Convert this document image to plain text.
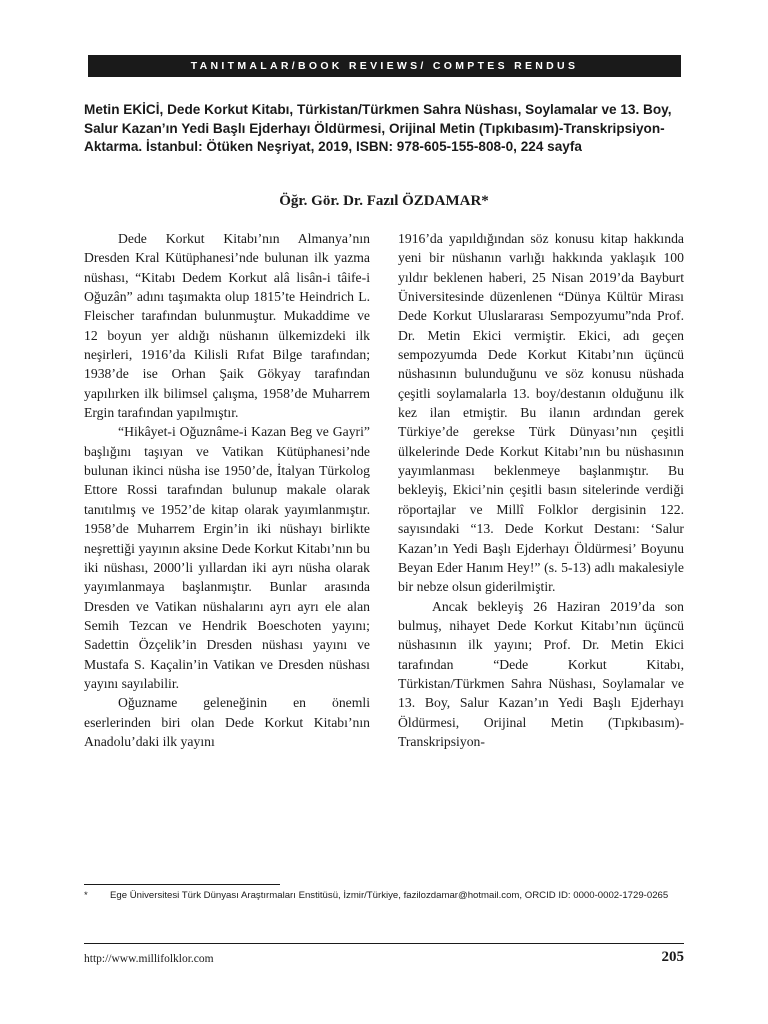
TANITMALAR/BOOK REVIEWS/ COMPTES RENDUS
Metin EKİCİ, Dede Korkut Kitabı, Türkistan/Türkmen Sahra Nüshası, Soylamalar ve 13. Boy, Salur Kazan’ın Yedi Başlı Ejderhayı Öldürmesi, Orijinal Metin (Tıpkıbasım)-Transkripsiyon-Aktarma. İstanbul: Ötüken Neşriyat, 2019, ISBN: 978-605-155-808-0, 224 sayfa
Öğr. Gör. Dr. Fazıl ÖZDAMAR*

Dede Korkut Kitabı’nın Almanya’nın Dresden Kral Kütüphanesi’nde bulunan ilk yazma nüshası, “Kitabı Dedem Korkut alâ lisân-i tâife-i Oğuzân” adını taşımakta olup 1815’te Heindrich L. Fleischer tarafından bulunmuştur. Mukaddime ve 12 boyun yer aldığı nüshanın ülkemizdeki ilk neşirleri, 1916’da Kilisli Rıfat Bilge tarafından; 1938’de ise Orhan Şaik Gökyay tarafından yapılırken ilk bilimsel çalışma, 1958’de Muharrem Ergin tarafından yapılmıştır.

“Hikâyet-i Oğuznâme-i Kazan Beg ve Gayri” başlığını taşıyan ve Vatikan Kütüphanesi’nde bulunan ikinci nüsha ise 1950’de, İtalyan Türkolog Ettore Rossi tarafından bulunup makale olarak tanıtılmış ve 1952’de kitap olarak yayımlanmıştır. 1958’de Muharrem Ergin’in iki nüshayı birlikte neşrettiği yayının aksine Dede Korkut Kitabı’nın bu iki nüshası, 2000’li yıllardan iki ayrı nüsha olarak yayımlanmaya başlanmıştır. Bunlar arasında Dresden ve Vatikan nüshalarını ayrı ayrı ele alan Semih Tezcan ve Hendrik Boeschoten yayını; Sadettin Özçelik’in Dresden nüshası yayını ve Mustafa S. Kaçalin’in Vatikan ve Dresden nüshası yayını sayılabilir.

Oğuzname geleneğinin en önemli eserlerinden biri olan Dede Korkut Kitabı’nın Anadolu’daki ilk yayını

1916’da yapıldığından söz konusu kitap hakkında yeni bir nüshanın varlığı hakkında yaklaşık 100 yıldır beklenen haberi, 25 Nisan 2019’da Bayburt Üniversitesinde düzenlenen “Dünya Kültür Mirası Dede Korkut Uluslararası Sempozyumu”nda Prof. Dr. Metin Ekici vermiştir. Ekici, adı geçen sempozyumda Dede Korkut Kitabı’nın üçüncü nüshasının bulunduğunu ve söz konusu nüshada çeşitli soylamalarla 13. boy/destanın olduğunu ilk kez ilan etmiştir. Bu ilanın ardından gerek Türkiye’de gerekse Türk Dünyası’nın çeşitli ülkelerinde Dede Korkut Kitabı’nın bu nüshasının yayımlanması beklenmeye başlanmıştır. Bu bekleyiş, Ekici’nin çeşitli basın sitelerinde verdiği röportajlar ve Millî Folklor dergisinin 122. sayısındaki “13. Dede Korkut Destanı: ‘Salur Kazan’ın Yedi Başlı Ejderhayı Öldürmesi’ Boyunu Beyan Eder Hanım Hey!” (s. 5-13) adlı makalesiyle bir nebze olsun giderilmiştir.

Ancak bekleyiş 26 Haziran 2019’da son bulmuş, nihayet Dede Korkut Kitabı’nın üçüncü nüshasının ilk yayını; Prof. Dr. Metin Ekici tarafından “Dede Korkut Kitabı, Türkistan/Türkmen Sahra Nüshası, Soylamalar ve 13. Boy, Salur Kazan’ın Yedi Başlı Ejderhayı Öldürmesi, Orijinal Metin (Tıpkıbasım)-Transkripsiyon-

* Ege Üniversitesi Türk Dünyası Araştırmaları Enstitüsü, İzmir/Türkiye, fazilozdamar@hotmail.com, ORCID ID: 0000-0002-1729-0265
http://www.millifolklor.com	205
